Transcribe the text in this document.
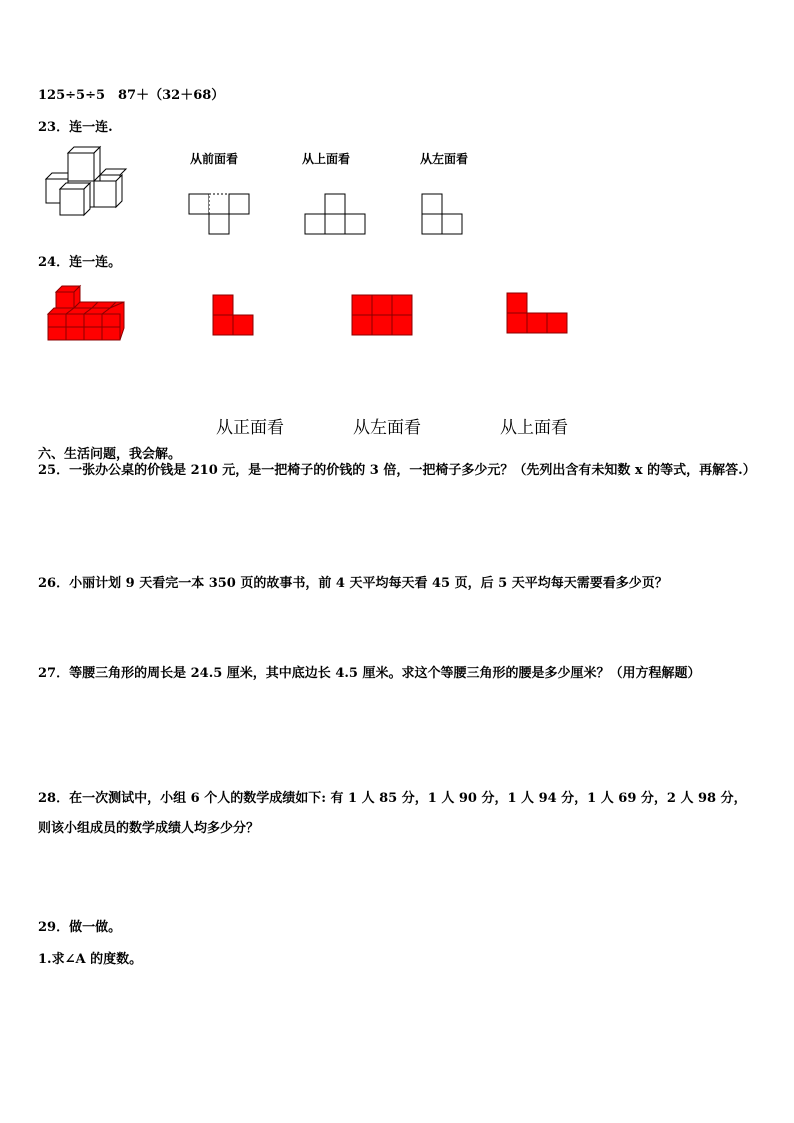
125÷5÷5　87＋（32＋68）
23．连一连.
从前面看	从上面看	从左面看
24．连一连。
从正面看	从左面看	从上面看
六、生活问题，我会解。
25．一张办公桌的价钱是 210 元，是一把椅子的价钱的 3 倍，一把椅子多少元？（先列出含有未知数 x 的等式，再解答.）
26．小丽计划 9 天看完一本 350 页的故事书，前 4 天平均每天看 45 页，后 5 天平均每天需要看多少页？
27．等腰三角形的周长是 24.5 厘米，其中底边长 4.5 厘米。求这个等腰三角形的腰是多少厘米？（用方程解题）
28．在一次测试中，小组 6 个人的数学成绩如下: 有 1 人 85 分，1 人 90 分，1 人 94 分，1 人 69 分，2 人 98 分，则该小组成员的数学成绩人均多少分？
29．做一做。
1.求∠A 的度数。
